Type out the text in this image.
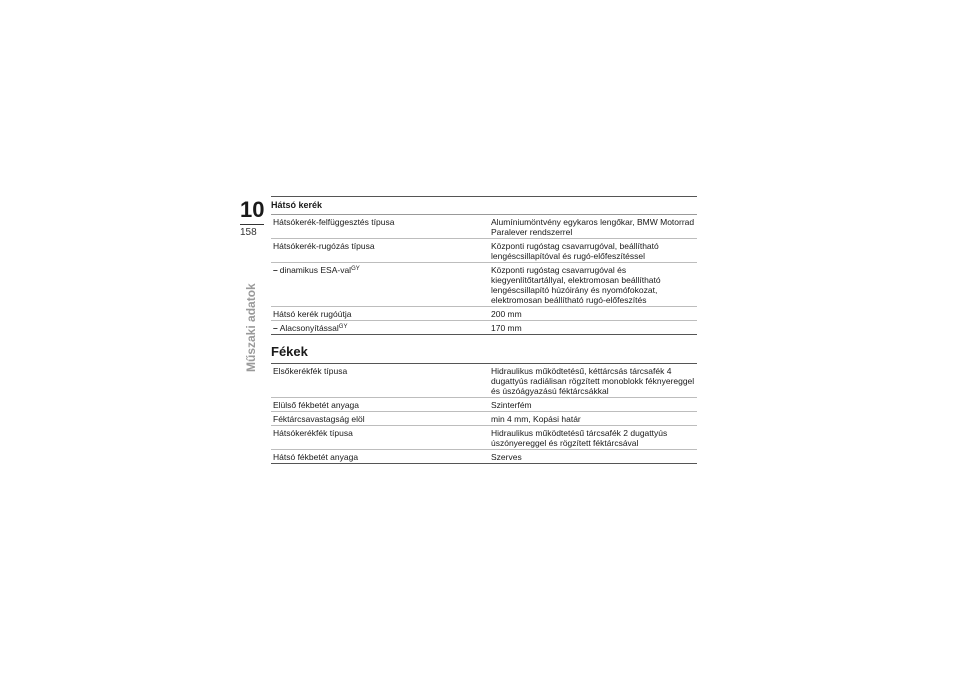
10
158
Műszaki adatok
Hátsó kerék
Hátsókerék-felfüggesztés típusa	Alumíniumöntvény egykaros lengőkar, BMW Motorrad Paralever rendszerrel
Hátsókerék-rugózás típusa	Központi rugóstag csavarrugóval, beállítható lengéscsillapítóval és rugó-előfeszítéssel
– dinamikus ESA-val$^{GY}$	Központi rugóstag csavarrugóval és kiegyenlítőtartállyal, elektromosan beállítható lengéscsillapító húzóirány és nyomófokozat, elektromosan beállítható rugó-előfeszítés
Hátsó kerék rugóútja	200 mm
– Alacsonyítással$^{GY}$	170 mm
Fékek
Elsőkerékfék típusa	Hidraulikus működtetésű, kéttárcsás tárcsafék 4 dugattyús radiálisan rögzített monoblokk féknyereggel és úszóágyazású féktárcsákkal
Elülső fékbetét anyaga	Szinterfém
Féktárcsavastagság elöl	min 4 mm, Kopási határ
Hátsókerékfék típusa	Hidraulikus működtetésű tárcsafék 2 dugattyús úszónyereggel és rögzített féktárcsával
Hátsó fékbetét anyaga	Szerves
